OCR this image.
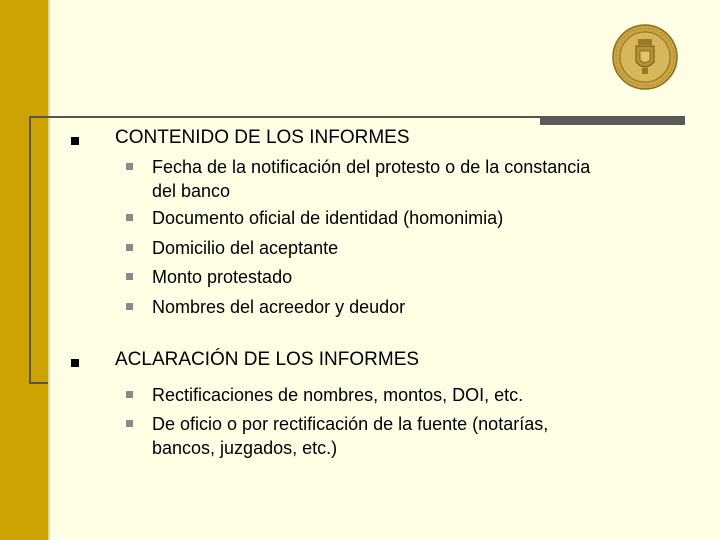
CONTENIDO DE LOS INFORMES
Fecha de la notificación del protesto o de la constancia
del banco
Documento oficial de identidad (homonimia)
Domicilio del aceptante
Monto protestado
Nombres del acreedor y deudor
ACLARACIÓN DE LOS INFORMES
Rectificaciones de nombres, montos, DOI, etc.
De oficio o por rectificación de la fuente (notarías,
bancos, juzgados, etc.)
